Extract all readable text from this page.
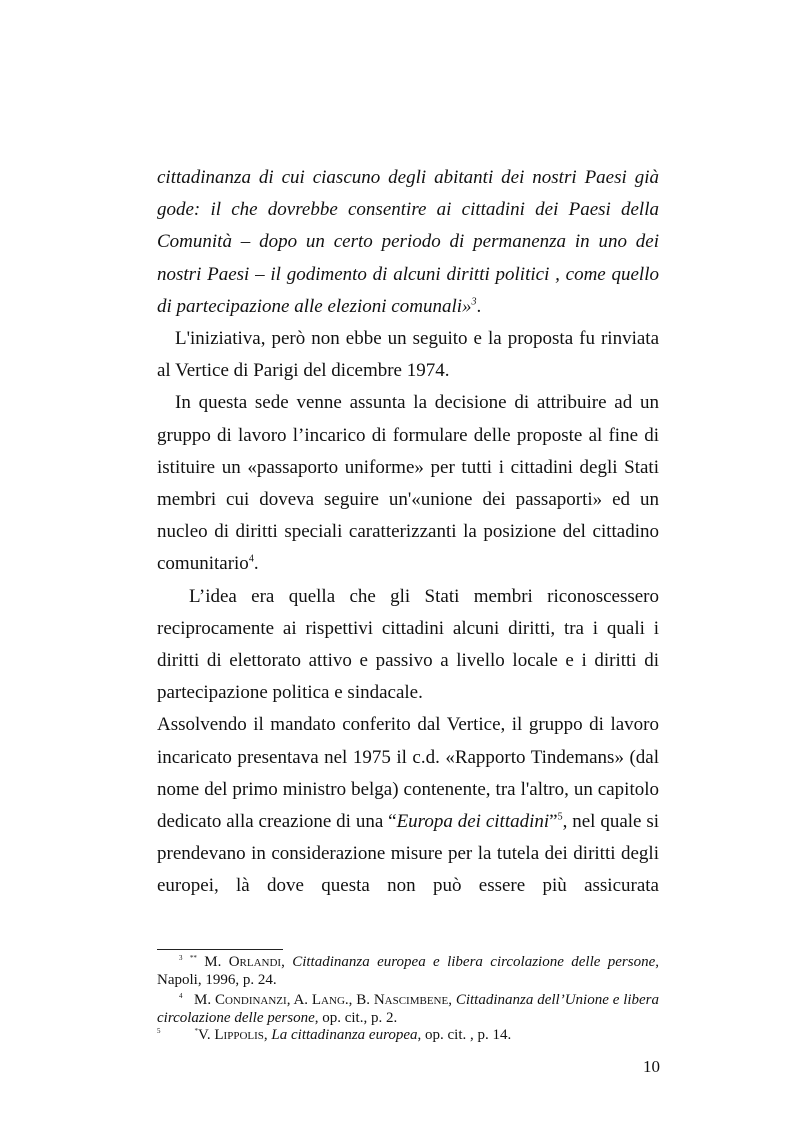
cittadinanza di cui ciascuno degli abitanti dei nostri Paesi già gode: il che dovrebbe consentire ai cittadini dei Paesi della Comunità – dopo un certo periodo di permanenza in uno dei nostri Paesi – il godimento di alcuni diritti politici , come quello di partecipazione alle elezioni comunali»$^3$.

L'iniziativa, però non ebbe un seguito e la proposta fu rinviata al Vertice di Parigi del dicembre 1974.

In questa sede venne assunta la decisione di attribuire ad un gruppo di lavoro l’incarico di formulare delle proposte al fine di istituire un «passaporto uniforme» per tutti i cittadini degli Stati membri cui doveva seguire un'«unione dei passaporti» ed un nucleo di diritti speciali caratterizzanti la posizione del cittadino comunitario$^4$.

L’idea era quella che gli Stati membri riconoscessero reciprocamente ai rispettivi cittadini alcuni diritti, tra i quali i diritti di elettorato attivo e passivo a livello locale e i diritti di partecipazione politica e sindacale.

Assolvendo il mandato conferito dal Vertice, il gruppo di lavoro incaricato presentava nel 1975 il c.d. «Rapporto Tindemans» (dal nome del primo ministro belga) contenente, tra l'altro, un capitolo dedicato alla creazione di una “Europa dei cittadini”$^5$, nel quale si prendevano in considerazione misure per la tutela dei diritti degli europei, là dove questa non può essere più assicurata

$^3$ ** M. Orlandi, Cittadinanza europea e libera circolazione delle persone, Napoli, 1996, p. 24.

$^4$ M. Condinanzi, A. Lang., B. Nascimbene, Cittadinanza dell’Unione e libera circolazione delle persone, op. cit., p. 2.

$^5$	*V. Lippolis, La cittadinanza europea, op. cit. , p. 14.

10
